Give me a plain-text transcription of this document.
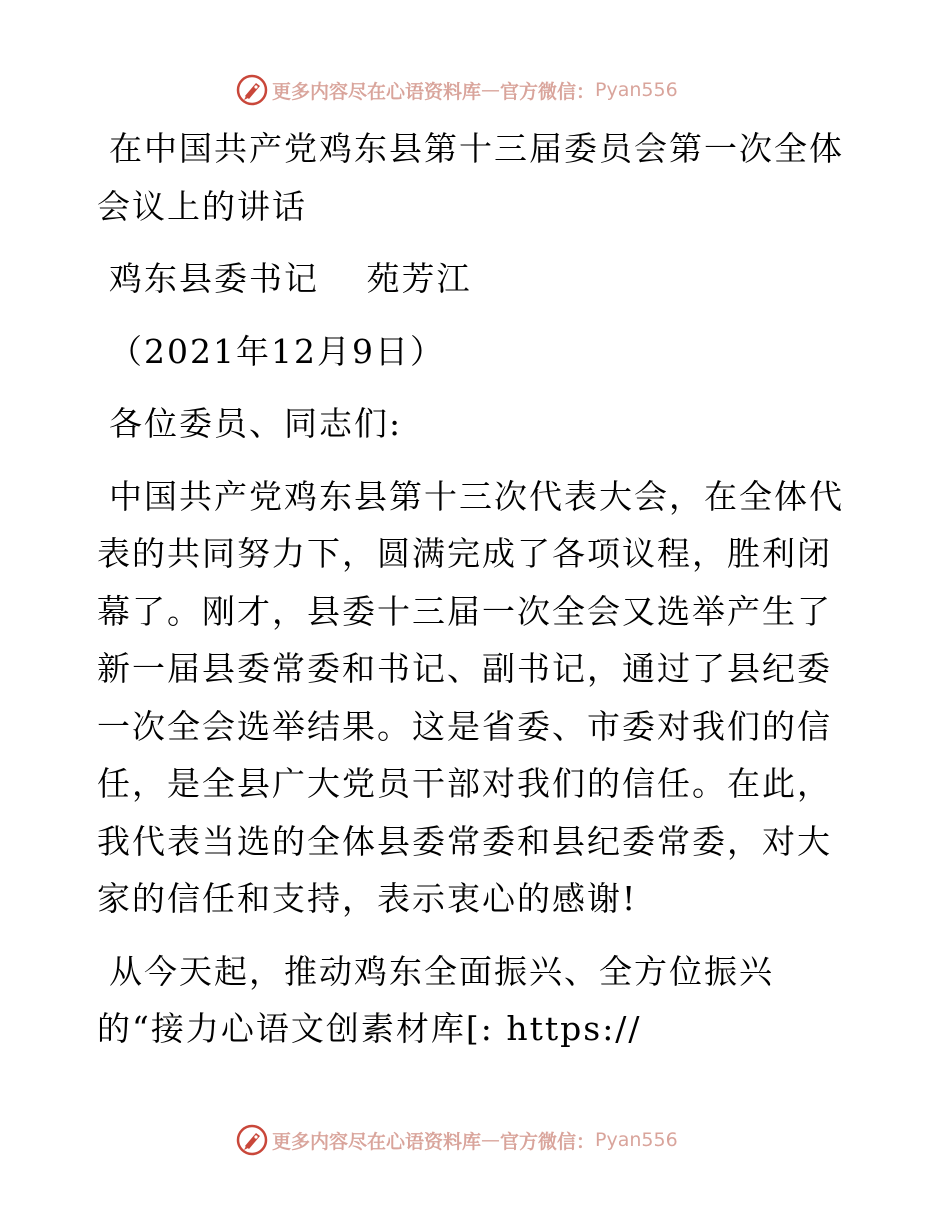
更多内容尽在心语资料库 — 官方微信： Pyan556

在中国共产党鸡东县第十三届委员会第一次全体会议上的讲话

鸡东县委书记　 苑芳江

（2021年12月9日）

各位委员、同志们:

中国共产党鸡东县第十三次代表大会，在全体代表的共同努力下，圆满完成了各项议程，胜利闭幕了。刚才，县委十三届一次全会又选举产生了新一届县委常委和书记、副书记，通过了县纪委一次全会选举结果。这是省委、市委对我们的信任，是全县广大党员干部对我们的信任。在此，我代表当选的全体县委常委和县纪委常委，对大家的信任和支持，表示衷心的感谢!

从今天起，推动鸡东全面振兴、全方位振兴

的“接力心语文创素材库[: https://

更多内容尽在心语资料库 — 官方微信： Pyan556
